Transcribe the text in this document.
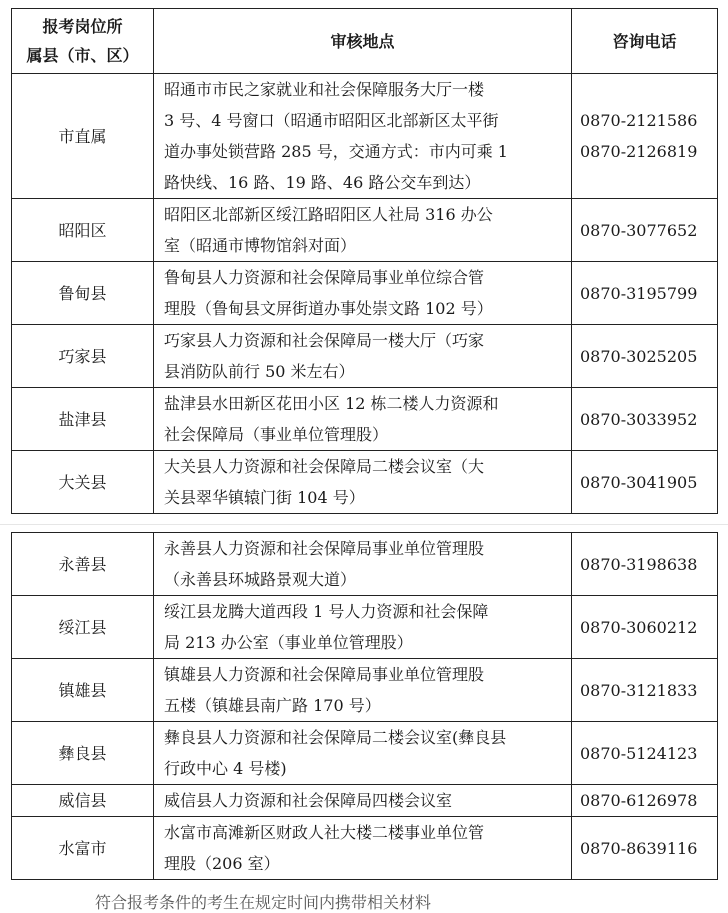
报考岗位所
属县（市、区）	审核地点	咨询电话
市直属	昭通市市民之家就业和社会保障服务大厅一楼
3 号、4 号窗口（昭通市昭阳区北部新区太平街
道办事处锁营路 285 号，交通方式：市内可乘 1
路快线、16 路、19 路、46 路公交车到达）	0870-2121586
0870-2126819

昭阳区	昭阳区北部新区绥江路昭阳区人社局 316 办公
室（昭通市博物馆斜对面）	0870-3077652

鲁甸县	鲁甸县人力资源和社会保障局事业单位综合管
理股（鲁甸县文屏街道办事处崇文路 102 号）	0870-3195799

巧家县	巧家县人力资源和社会保障局一楼大厅（巧家
县消防队前行 50 米左右）	0870-3025205

盐津县	盐津县水田新区花田小区 12 栋二楼人力资源和
社会保障局（事业单位管理股）	0870-3033952

大关县	大关县人力资源和社会保障局二楼会议室（大
关县翠华镇辕门街 104 号）	0870-3041905
永善县	永善县人力资源和社会保障局事业单位管理股
（永善县环城路景观大道）	0870-3198638

绥江县	绥江县龙腾大道西段 1 号人力资源和社会保障
局 213 办公室（事业单位管理股）	0870-3060212

镇雄县	镇雄县人力资源和社会保障局事业单位管理股
五楼（镇雄县南广路 170 号）	0870-3121833

彝良县	彝良县人力资源和社会保障局二楼会议室(彝良县
行政中心 4 号楼)	0870-5124123

威信县	威信县人力资源和社会保障局四楼会议室	0870-6126978

水富市	水富市高滩新区财政人社大楼二楼事业单位管
理股（206 室）	0870-8639116
符合报考条件的考生在规定时间内携带相关材料
